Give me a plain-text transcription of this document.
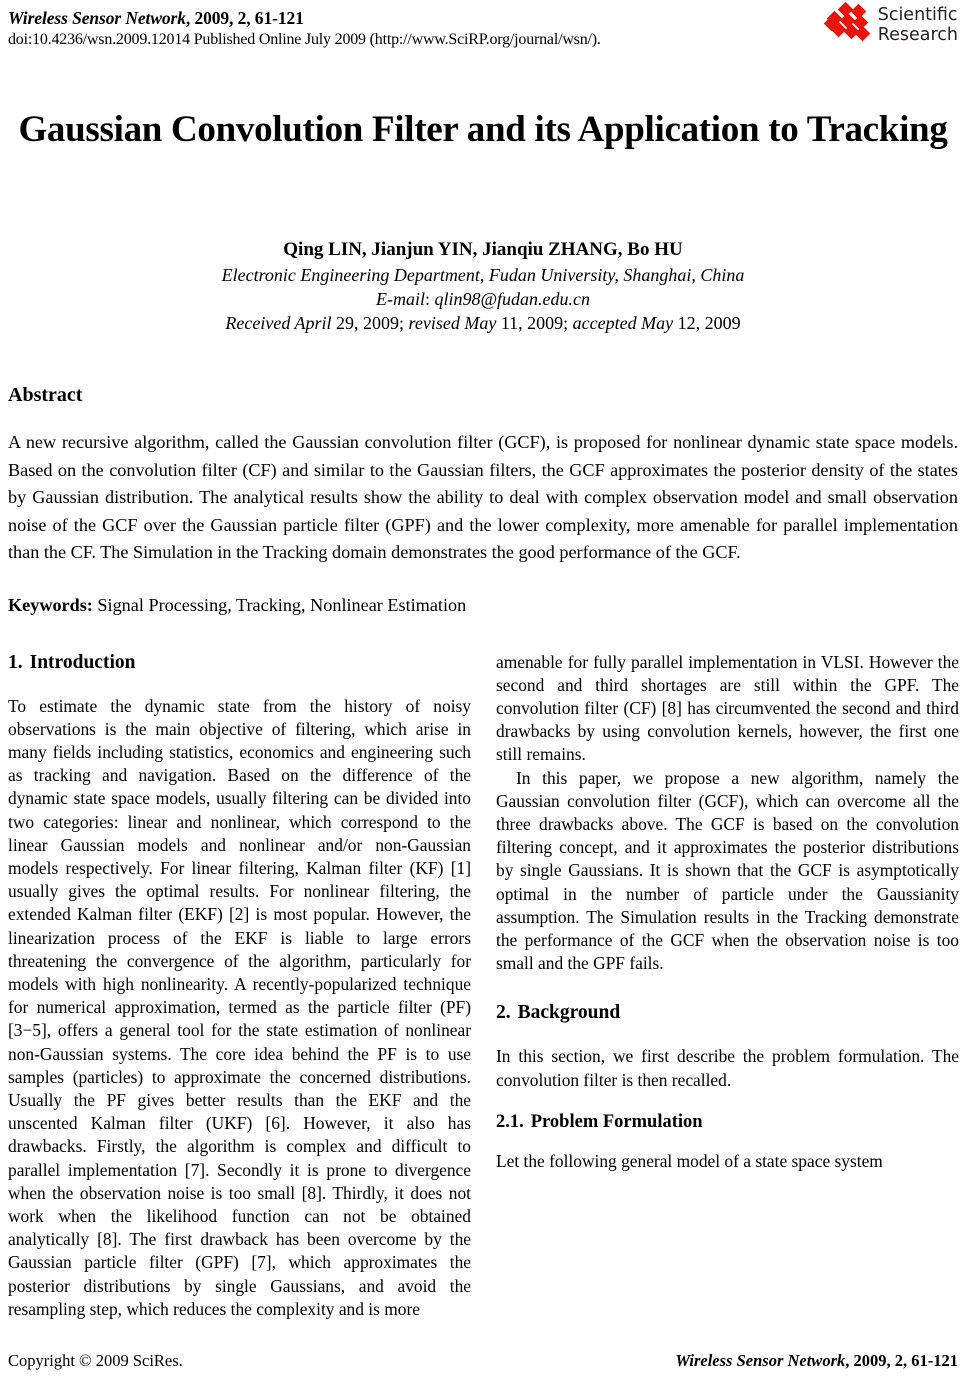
Wireless Sensor Network, 2009, 2, 61-121
doi:10.4236/wsn.2009.12014 Published Online July 2009 (http://www.SciRP.org/journal/wsn/).
Scientific
Research
Gaussian Convolution Filter and its Application to Tracking
Qing LIN, Jianjun YIN, Jianqiu ZHANG, Bo HU
Electronic Engineering Department, Fudan University, Shanghai, China
E-mail: qlin98@fudan.edu.cn
Received April 29, 2009; revised May 11, 2009; accepted May 12, 2009
Abstract
A new recursive algorithm, called the Gaussian convolution filter (GCF), is proposed for nonlinear dynamic state space models. Based on the convolution filter (CF) and similar to the Gaussian filters, the GCF approximates the posterior density of the states by Gaussian distribution. The analytical results show the ability to deal with complex observation model and small observation noise of the GCF over the Gaussian particle filter (GPF) and the lower complexity, more amenable for parallel implementation than the CF. The Simulation in the Tracking domain demonstrates the good performance of the GCF.
Keywords: Signal Processing, Tracking, Nonlinear Estimation
1. Introduction

To estimate the dynamic state from the history of noisy observations is the main objective of filtering, which arise in many fields including statistics, economics and engineering such as tracking and navigation. Based on the difference of the dynamic state space models, usually filtering can be divided into two categories: linear and nonlinear, which correspond to the linear Gaussian models and nonlinear and/or non-Gaussian models respectively. For linear filtering, Kalman filter (KF) [1] usually gives the optimal results. For nonlinear filtering, the extended Kalman filter (EKF) [2] is most popular. However, the linearization process of the EKF is liable to large errors threatening the convergence of the algorithm, particularly for models with high nonlinearity. A recently-popularized technique for numerical approximation, termed as the particle filter (PF) [3−5], offers a general tool for the state estimation of nonlinear non-Gaussian systems. The core idea behind the PF is to use samples (particles) to approximate the concerned distributions. Usually the PF gives better results than the EKF and the unscented Kalman filter (UKF) [6]. However, it also has drawbacks. Firstly, the algorithm is complex and difficult to parallel implementation [7]. Secondly it is prone to divergence when the observation noise is too small [8]. Thirdly, it does not work when the likelihood function can not be obtained analytically [8]. The first drawback has been overcome by the Gaussian particle filter (GPF) [7], which approximates the posterior distributions by single Gaussians, and avoid the resampling step, which reduces the complexity and is more

amenable for fully parallel implementation in VLSI. However the second and third shortages are still within the GPF. The convolution filter (CF) [8] has circumvented the second and third drawbacks by using convolution kernels, however, the first one still remains.

In this paper, we propose a new algorithm, namely the Gaussian convolution filter (GCF), which can overcome all the three drawbacks above. The GCF is based on the convolution filtering concept, and it approximates the posterior distributions by single Gaussians. It is shown that the GCF is asymptotically optimal in the number of particle under the Gaussianity assumption. The Simulation results in the Tracking demonstrate the performance of the GCF when the observation noise is too small and the GPF fails.

2. Background

In this section, we first describe the problem formulation. The convolution filter is then recalled.

2.1. Problem Formulation

Let the following general model of a state space system

Copyright © 2009 SciRes.	Wireless Sensor Network, 2009, 2, 61-121
